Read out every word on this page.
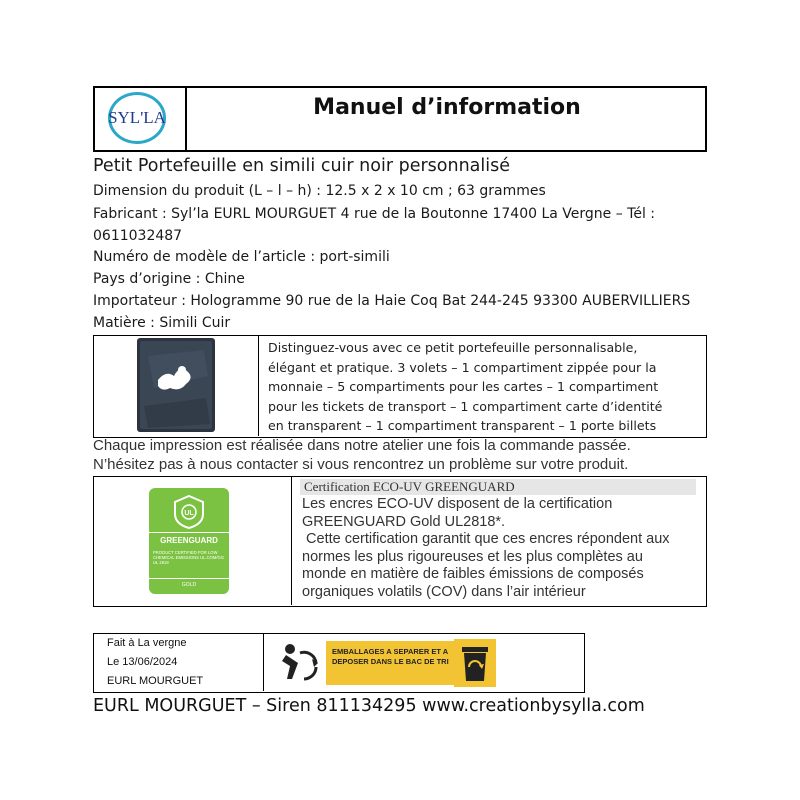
SYL'LA	Manuel d’information
Petit Portefeuille en simili cuir noir personnalisé
Dimension du produit (L – l – h) : 12.5 x 2 x 10 cm ; 63 grammes
Fabricant : Syl’la EURL MOURGUET 4 rue de la Boutonne 17400 La Vergne – Tél :
0611032487
Numéro de modèle de l’article : port-simili
Pays d’origine : Chine
Importateur : Hologramme 90 rue de la Haie Coq Bat 244-245 93300 AUBERVILLIERS
Matière : Simili Cuir
Distinguez-vous avec ce petit portefeuille personnalisable,
élégant et pratique. 3 volets – 1 compartiment zippée pour la
monnaie – 5 compartiments pour les cartes – 1 compartiment
pour les tickets de transport – 1 compartiment carte d’identité
en transparent – 1 compartiment transparent – 1 porte billets
Chaque impression est réalisée dans notre atelier une fois la commande passée.
N’hésitez pas à nous contacter si vous rencontrez un problème sur votre produit.
UL
GREENGUARD
PRODUCT CERTIFIED FOR LOW CHEMICAL EMISSIONS UL.COM/GG UL 2818
GOLD
Certification ECO-UV GREENGUARD
Les encres ECO-UV disposent de la certification
GREENGUARD Gold UL2818*.
Cette certification garantit que ces encres répondent aux
normes les plus rigoureuses et les plus complètes au
monde en matière de faibles émissions de composés
organiques volatils (COV) dans l’air intérieur
Fait à La vergne
Le 13/06/2024
EURL MOURGUET
EMBALLAGES A SEPARER ET A DEPOSER DANS LE BAC DE TRI
EURL MOURGUET – Siren 811134295 www.creationbysylla.com
